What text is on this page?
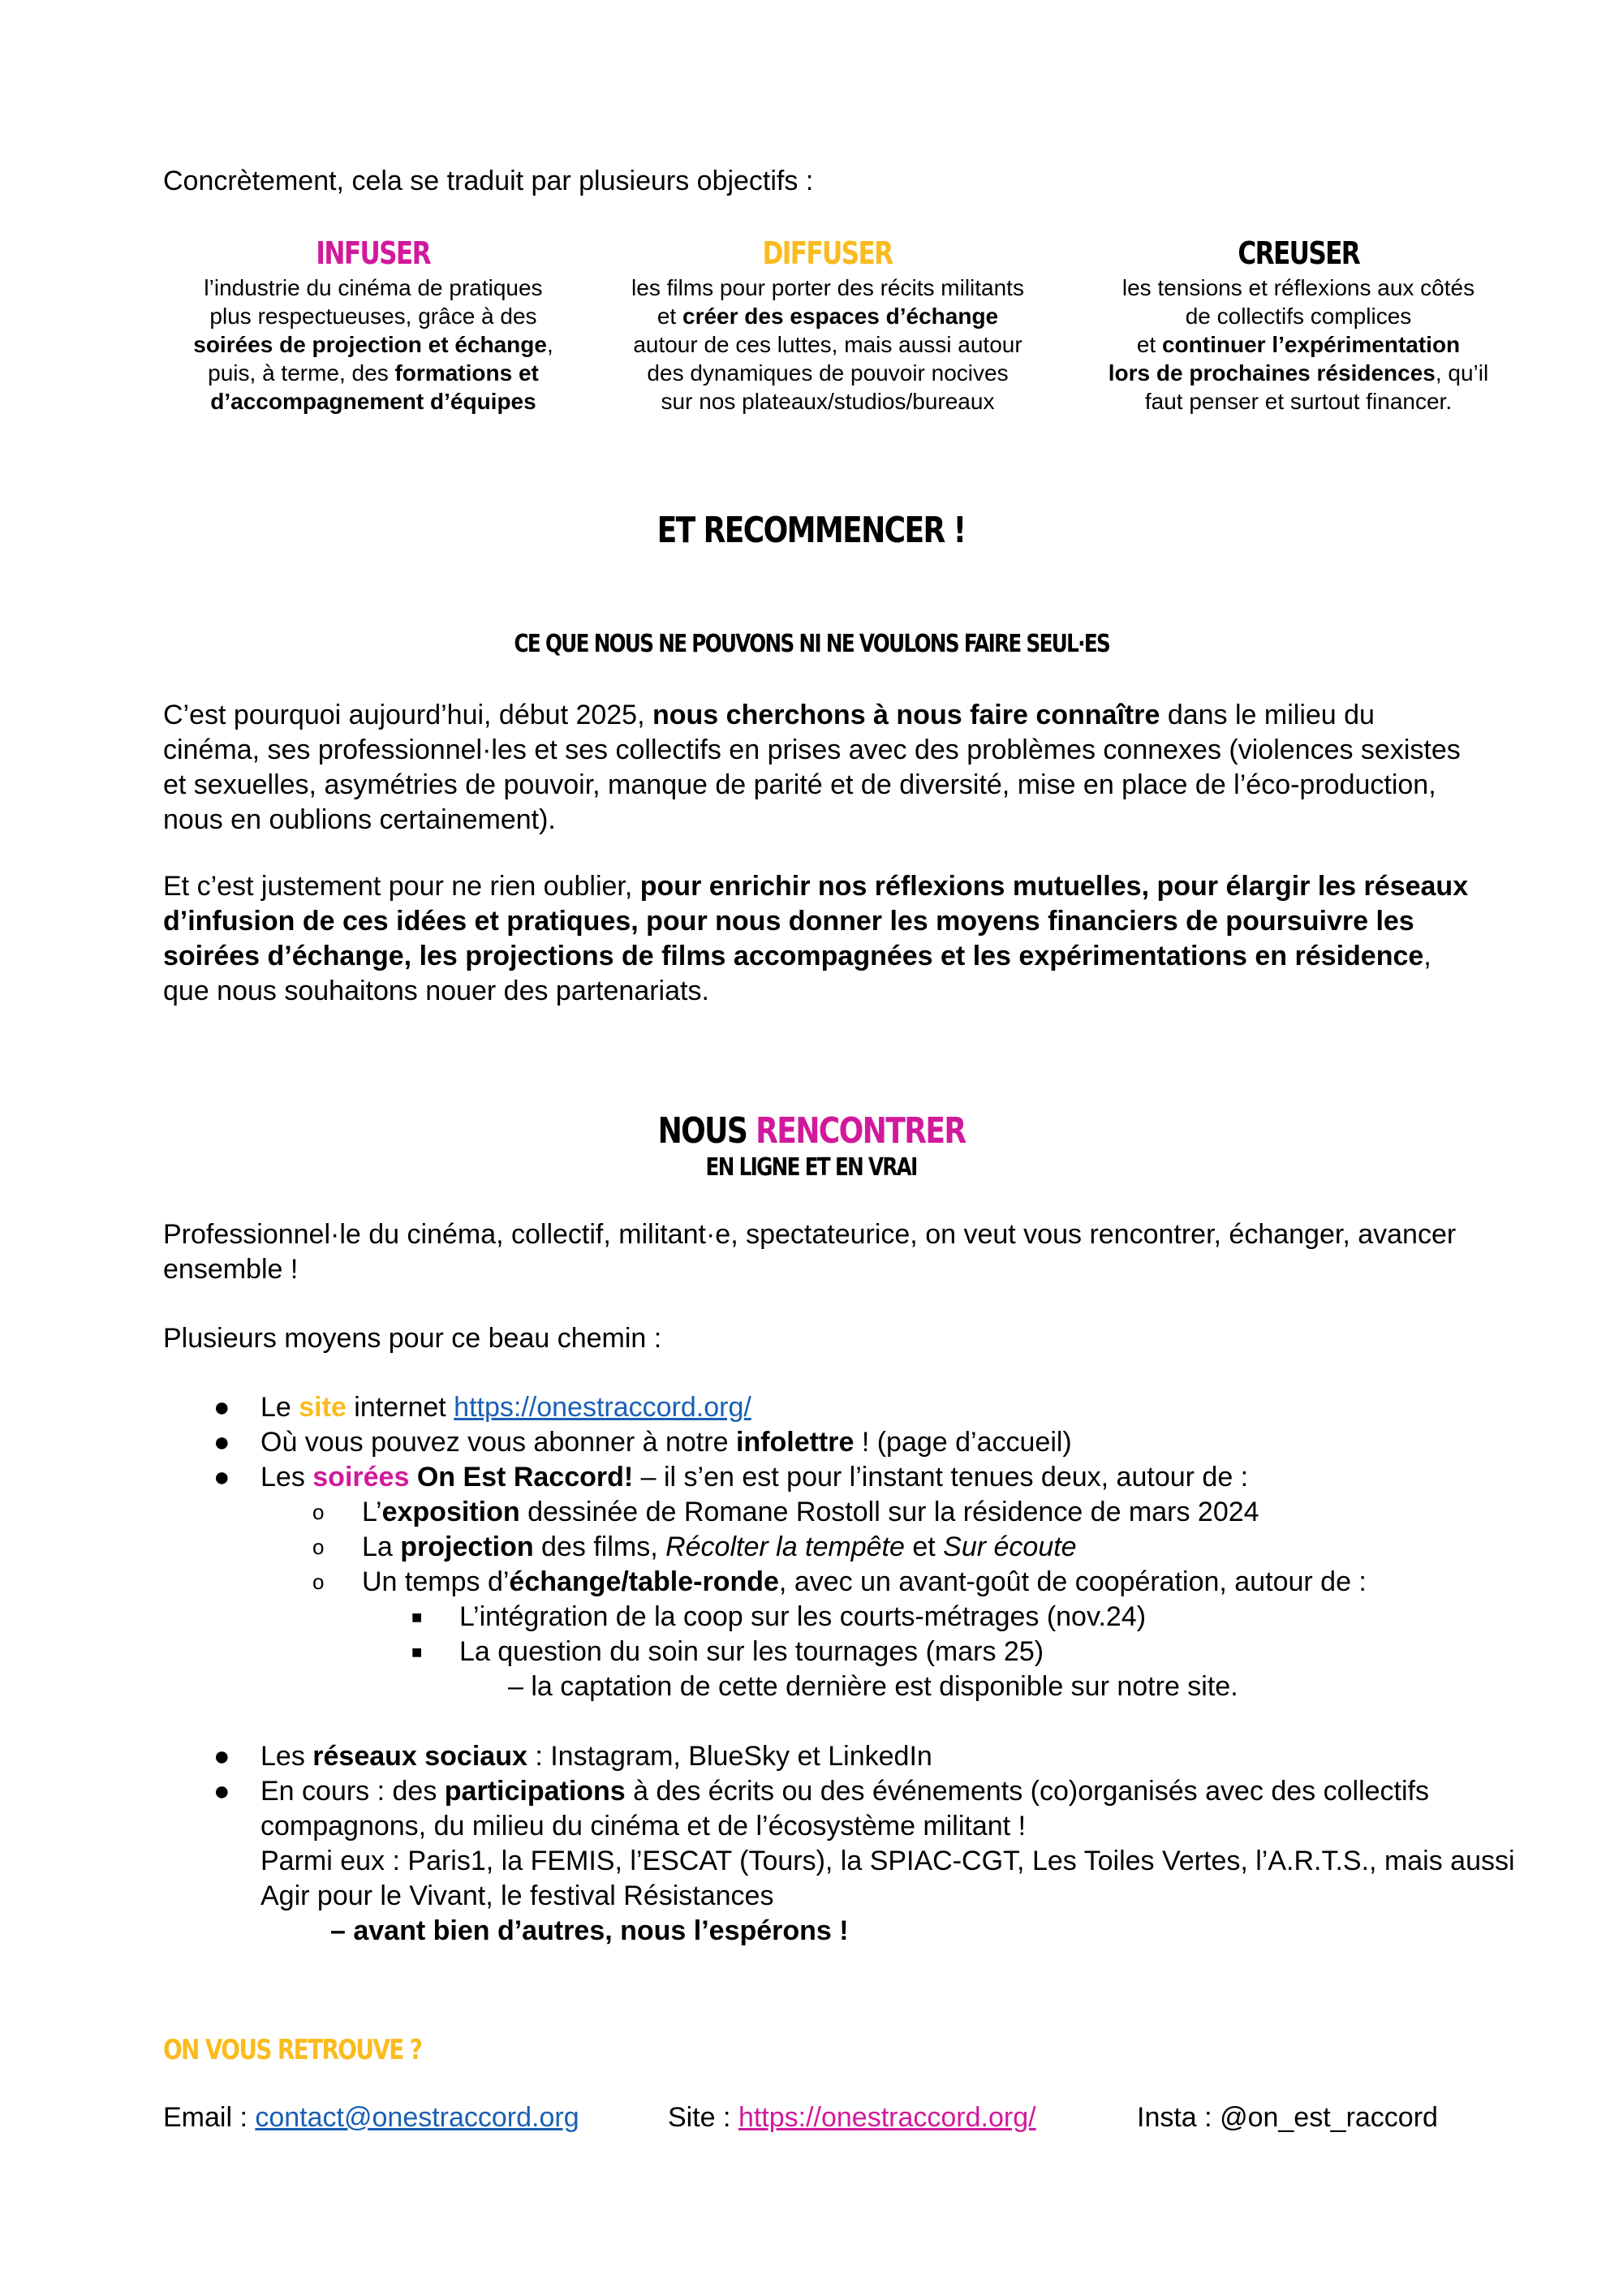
Concrètement, cela se traduit par plusieurs objectifs :
INFUSER
l’industrie du cinéma de pratiques
plus respectueuses, grâce à des
soirées de projection et échange,
puis, à terme, des formations et
d’accompagnement d’équipes
DIFFUSER
les films pour porter des récits militants
et créer des espaces d’échange
autour de ces luttes, mais aussi autour
des dynamiques de pouvoir nocives
sur nos plateaux/studios/bureaux
CREUSER
les tensions et réflexions aux côtés
de collectifs complices
et continuer l’expérimentation
lors de prochaines résidences, qu’il
faut penser et surtout financer.
ET RECOMMENCER !
CE QUE NOUS NE POUVONS NI NE VOULONS FAIRE SEUL·ES
C’est pourquoi aujourd’hui, début 2025, nous cherchons à nous faire connaître dans le milieu du cinéma, ses professionnel·les et ses collectifs en prises avec des problèmes connexes (violences sexistes et sexuelles, asymétries de pouvoir, manque de parité et de diversité, mise en place de l’éco-production, nous en oublions certainement).
Et c’est justement pour ne rien oublier, pour enrichir nos réflexions mutuelles, pour élargir les réseaux d’infusion de ces idées et pratiques, pour nous donner les moyens financiers de poursuivre les soirées d’échange, les projections de films accompagnées et les expérimentations en résidence, que nous souhaitons nouer des partenariats.
NOUS RENCONTRER
EN LIGNE ET EN VRAI
Professionnel·le du cinéma, collectif, militant·e, spectateurice, on veut vous rencontrer, échanger, avancer ensemble !
Plusieurs moyens pour ce beau chemin :
● Le site internet https://onestraccord.org/
● Où vous pouvez vous abonner à notre infolettre ! (page d’accueil)
● Les soirées On Est Raccord! – il s’en est pour l’instant tenues deux, autour de :
o L’exposition dessinée de Romane Rostoll sur la résidence de mars 2024
o La projection des films, Récolter la tempête et Sur écoute
o Un temps d’échange/table-ronde, avec un avant-goût de coopération, autour de :
■ L’intégration de la coop sur les courts-métrages (nov.24)
■ La question du soin sur les tournages (mars 25)
– la captation de cette dernière est disponible sur notre site.
● Les réseaux sociaux : Instagram, BlueSky et LinkedIn
● En cours : des participations à des écrits ou des événements (co)organisés avec des collectifs compagnons, du milieu du cinéma et de l’écosystème militant !
Parmi eux : Paris1, la FEMIS, l’ESCAT (Tours), la SPIAC-CGT, Les Toiles Vertes, l’A.R.T.S., mais aussi Agir pour le Vivant, le festival Résistances
– avant bien d’autres, nous l’espérons !
ON VOUS RETROUVE ?
Email : contact@onestraccord.org	Site : https://onestraccord.org/	Insta : @on_est_raccord
